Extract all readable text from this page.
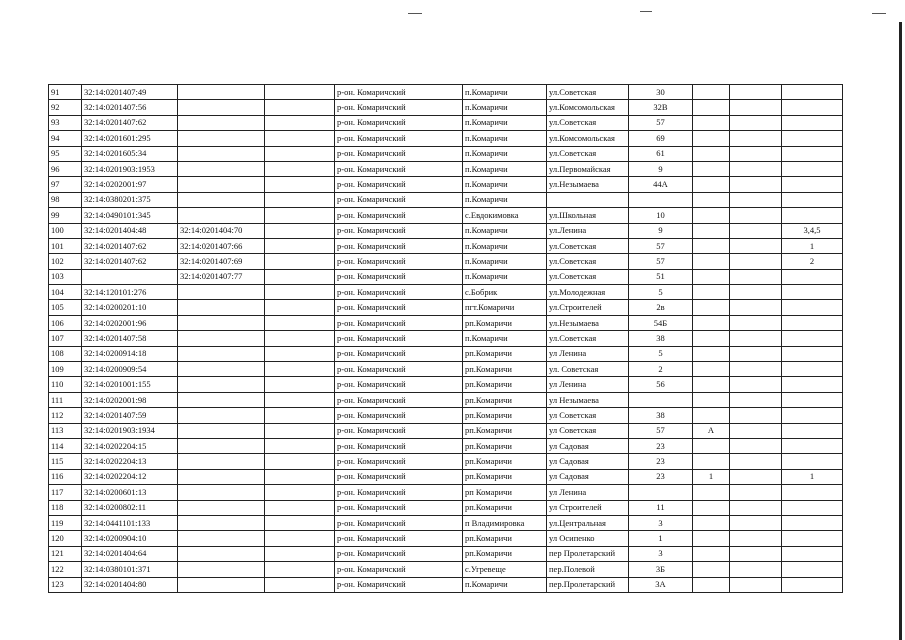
91	32:14:0201407:49			р-он. Комаричский	п.Комаричи	ул.Советская	30			
92	32:14:0201407:56			р-он. Комаричский	п.Комаричи	ул.Комсомольская	32В			
93	32:14:0201407:62			р-он. Комаричский	п.Комаричи	ул.Советская	57			
94	32:14:0201601:295			р-он. Комаричский	п.Комаричи	ул.Комсомольская	69			
95	32:14:0201605:34			р-он. Комаричский	п.Комаричи	ул.Советская	61			
96	32:14:0201903:1953			р-он. Комаричский	п.Комаричи	ул.Первомайская	9			
97	32:14:0202001:97			р-он. Комаричский	п.Комаричи	ул.Незымаева	44А			
98	32:14:0380201:375			р-он. Комаричский	п.Комаричи					
99	32:14:0490101:345			р-он. Комаричский	с.Евдокимовка	ул.Школьная	10			
100	32:14:0201404:48	32:14:0201404:70		р-он. Комаричский	п.Комаричи	ул.Ленина	9			3,4,5
101	32:14:0201407:62	32:14:0201407:66		р-он. Комаричский	п.Комаричи	ул.Советская	57			1
102	32:14:0201407:62	32:14:0201407:69		р-он. Комаричский	п.Комаричи	ул.Советская	57			2
103		32:14:0201407:77		р-он. Комаричский	п.Комаричи	ул.Советская	51			
104	32:14:120101:276			р-он. Комаричский	с.Бобрик	ул.Молодежная	5			
105	32:14:0200201:10			р-он. Комаричский	пгт.Комаричи	ул.Строителей	2в			
106	32:14:0202001:96			р-он. Комаричский	рп.Комаричи	ул.Незымаева	54Б			
107	32:14:0201407:58			р-он. Комаричский	п.Комаричи	ул.Советская	38			
108	32:14:0200914:18			р-он. Комаричский	рп.Комаричи	ул Ленина	5			
109	32:14:0200909:54			р-он. Комаричский	рп.Комаричи	ул. Советская	2			
110	32:14:0201001:155			р-он. Комаричский	рп.Комаричи	ул Ленина	56			
111	32:14:0202001:98			р-он. Комаричский	рп.Комаричи	ул Незымаева				
112	32:14:0201407:59			р-он. Комаричский	рп.Комаричи	ул Советская	38			
113	32:14:0201903:1934			р-он. Комаричский	рп.Комаричи	ул Советская	57	А		
114	32:14:0202204:15			р-он. Комаричский	рп.Комаричи	ул Садовая	23			
115	32:14:0202204:13			р-он. Комаричский	рп.Комаричи	ул Садовая	23			
116	32:14:0202204:12			р-он. Комаричский	рп.Комаричи	ул Садовая	23	1		1
117	32:14:0200601:13			р-он. Комаричский	рп Комаричи	ул Ленина				
118	32:14:0200802:11			р-он. Комаричский	рп.Комаричи	ул Строителей	11			
119	32:14:0441101:133			р-он. Комаричский	п Владимировка	ул.Центральная	3			
120	32:14:0200904:10			р-он. Комаричский	рп.Комаричи	ул Осипенко	1			
121	32:14:0201404:64			р-он. Комаричский	рп.Комаричи	пер Пролетарский	3			
122	32:14:0380101:371			р-он. Комаричский	с.Угревеще	пер.Полевой	3Б			
123	32:14:0201404:80			р-он. Комаричский	п.Комаричи	пер.Пролетарский	3А			
